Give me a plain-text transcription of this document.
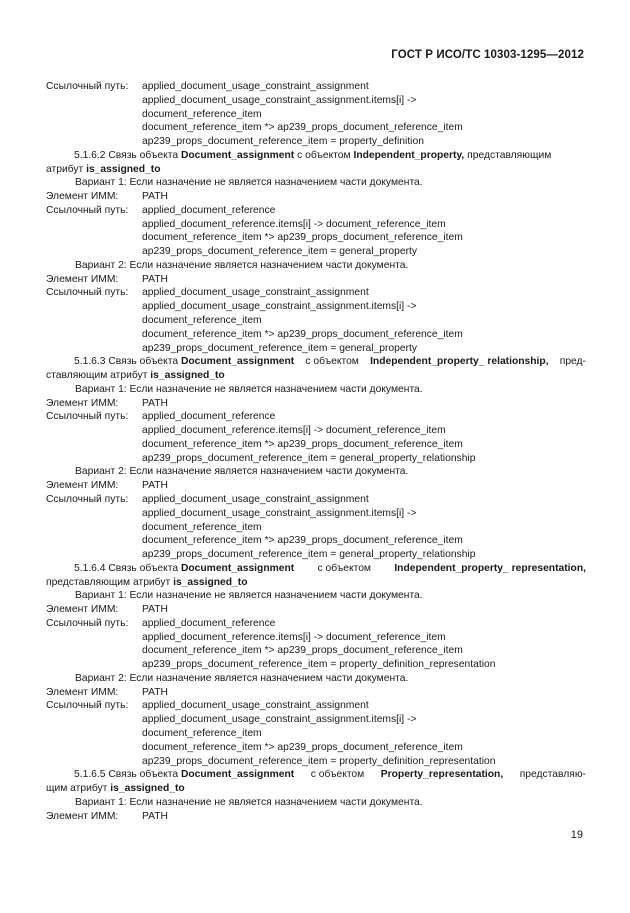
ГОСТ Р ИСО/ТС 10303-1295—2012
Ссылочный путь: applied_document_usage_constraint_assignment
applied_document_usage_constraint_assignment.items[i] ->
document_reference_item
document_reference_item *> ap239_props_document_reference_item
ap239_props_document_reference_item = property_definition
5.1.6.2 Связь объекта Document_assignment с объектом Independent_property, представляющим
атрибут is_assigned_to
Вариант 1: Если назначение не является назначением части документа.
Элемент ИММ: PATH
Ссылочный путь: applied_document_reference
applied_document_reference.items[i] -> document_reference_item
document_reference_item *> ap239_props_document_reference_item
ap239_props_document_reference_item = general_property
Вариант 2: Если назначение является назначением части документа.
Элемент ИММ: PATH
Ссылочный путь: applied_document_usage_constraint_assignment
applied_document_usage_constraint_assignment.items[i] ->
document_reference_item
document_reference_item *> ap239_props_document_reference_item
ap239_props_document_reference_item = general_property
5.1.6.3 Связь объекта Document_assignment с объектом Independent_property_ relationship, пред-
ставляющим атрибут is_assigned_to
Вариант 1: Если назначение не является назначением части документа.
Элемент ИММ: PATH
Ссылочный путь: applied_document_reference
applied_document_reference.items[i] -> document_reference_item
document_reference_item *> ap239_props_document_reference_item
ap239_props_document_reference_item = general_property_relationship
Вариант 2: Если назначение является назначением части документа.
Элемент ИММ: PATH
Ссылочный путь: applied_document_usage_constraint_assignment
applied_document_usage_constraint_assignment.items[i] ->
document_reference_item
document_reference_item *> ap239_props_document_reference_item
ap239_props_document_reference_item = general_property_relationship
5.1.6.4 Связь объекта Document_assignment с объектом Independent_property_ representation,
представляющим атрибут is_assigned_to
Вариант 1: Если назначение не является назначением части документа.
Элемент ИММ: PATH
Ссылочный путь: applied_document_reference
applied_document_reference.items[i] -> document_reference_item
document_reference_item *> ap239_props_document_reference_item
ap239_props_document_reference_item = property_definition_representation
Вариант 2: Если назначение является назначением части документа.
Элемент ИММ: PATH
Ссылочный путь: applied_document_usage_constraint_assignment
applied_document_usage_constraint_assignment.items[i] ->
document_reference_item
document_reference_item *> ap239_props_document_reference_item
ap239_props_document_reference_item = property_definition_representation
5.1.6.5 Связь объекта Document_assignment с объектом Property_representation, представляю-
щим атрибут is_assigned_to
Вариант 1: Если назначение не является назначением части документа.
Элемент ИММ: PATH
19
